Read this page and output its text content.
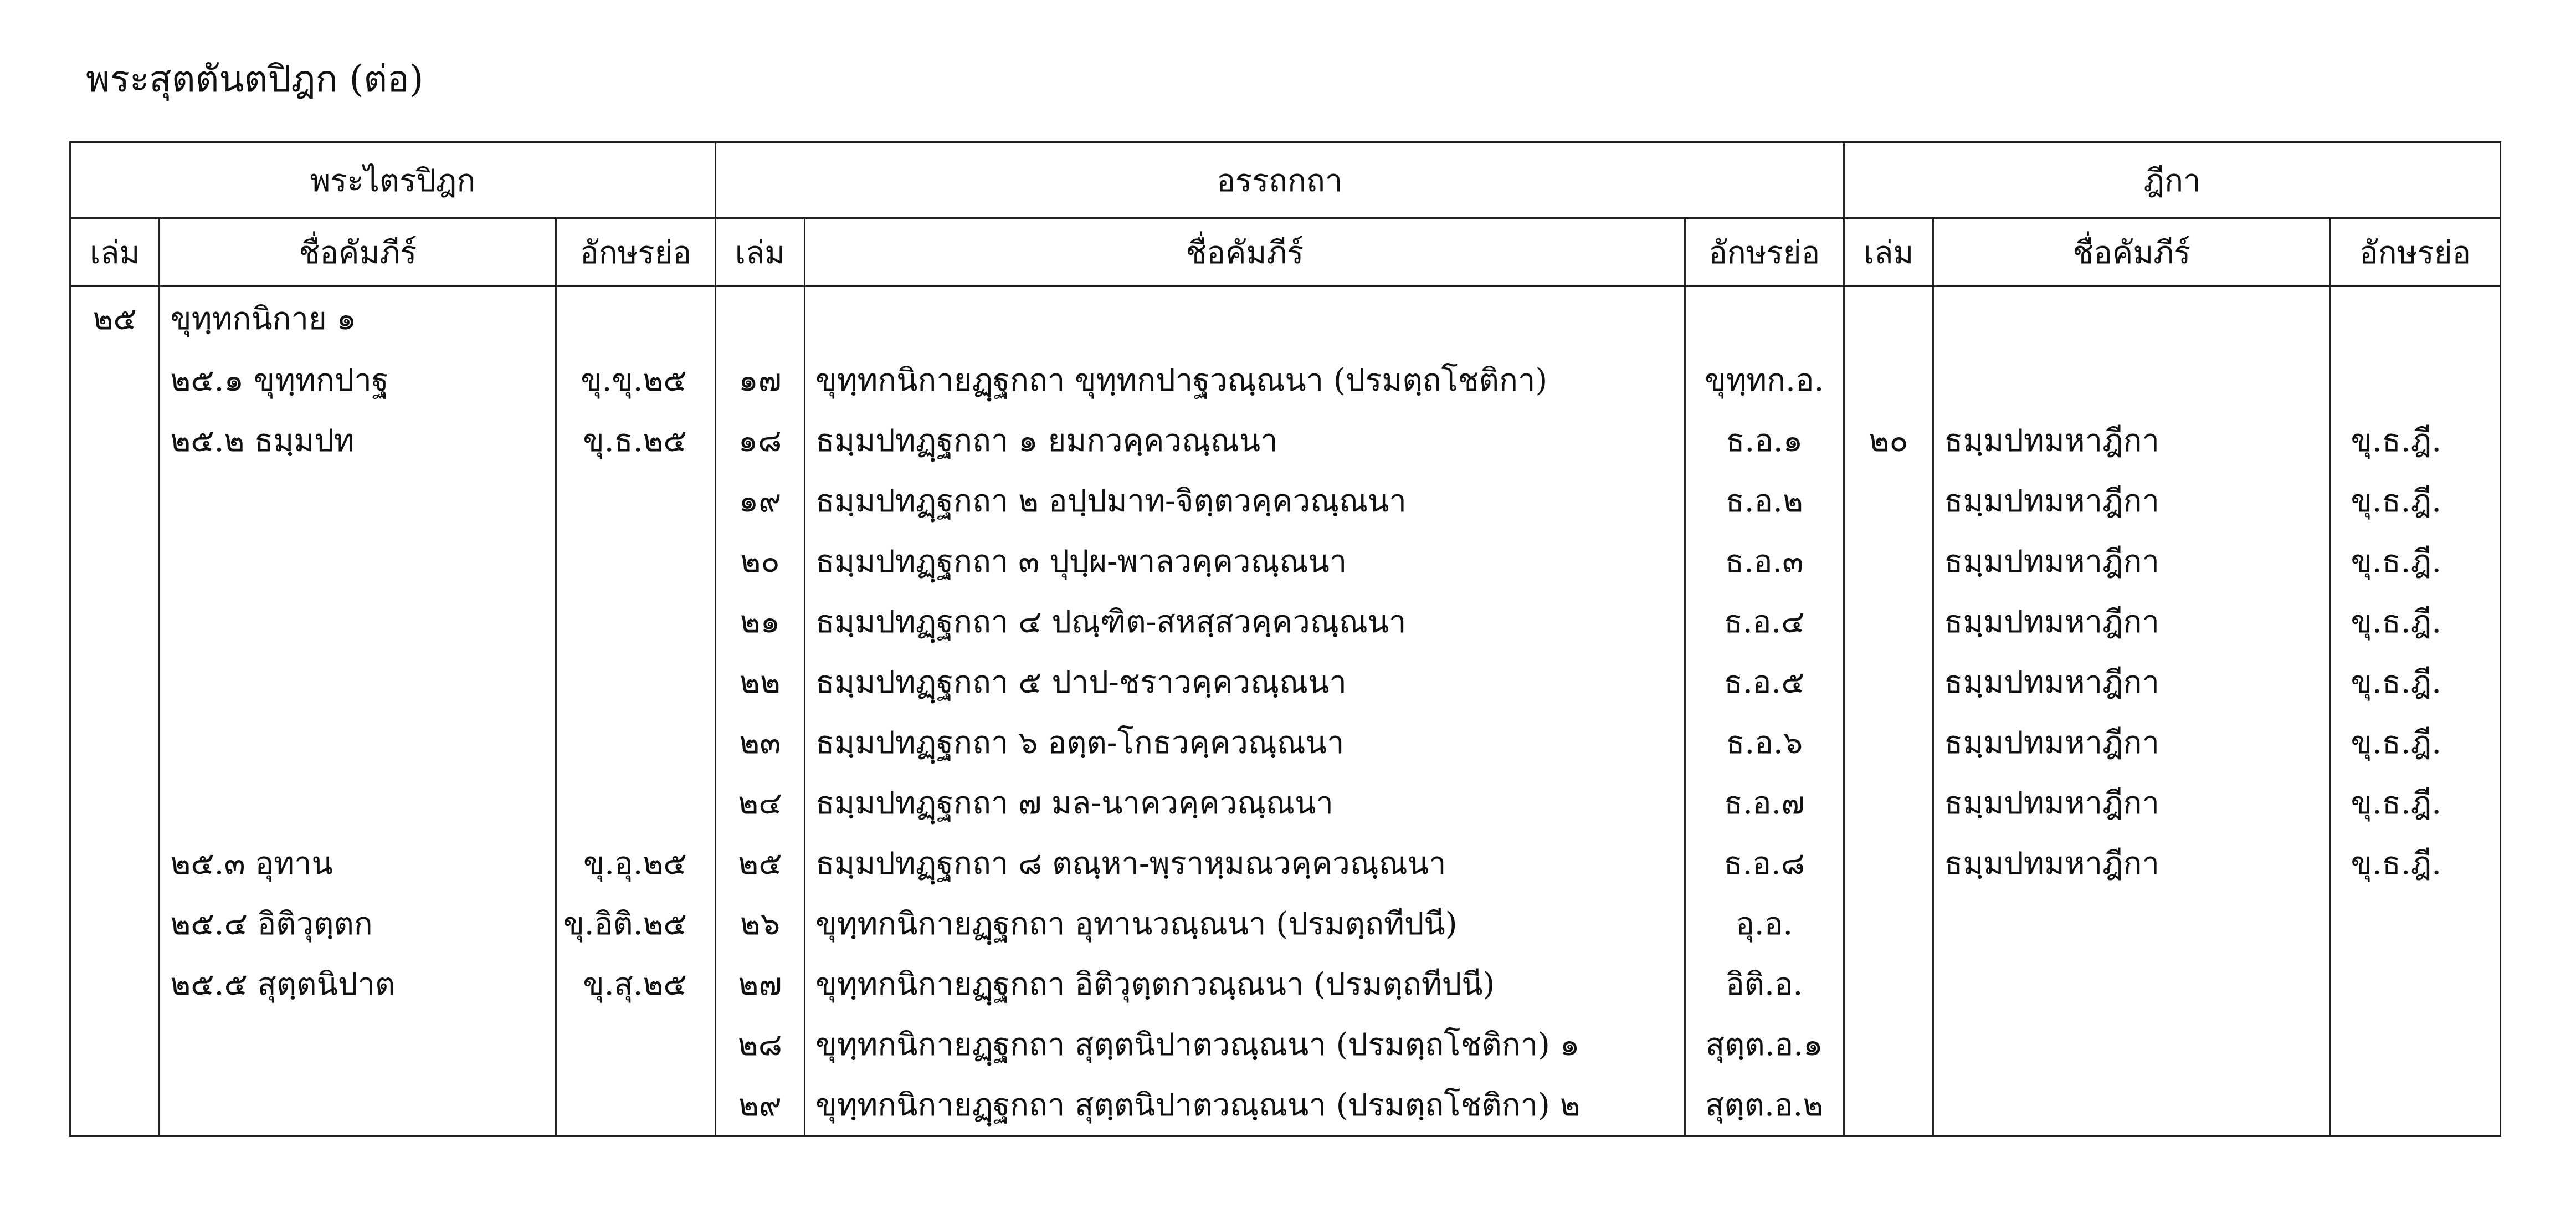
พระสุตตันตปิฎก (ต่อ)
พระไตรปิฎก			อรรถกถา			ฎีกา		
เล่ม	ชื่อคัมภีร์	อักษรย่อ	เล่ม	ชื่อคัมภีร์	อักษรย่อ	เล่ม	ชื่อคัมภีร์	อักษรย่อ
๒๕	ขุทฺทกนิกาย ๑							
	๒๕.๑ ขุทฺทกปาฐ	ขุ.ขุ.๒๕	๑๗	ขุทฺทกนิกายฏฺฐกถา ขุทฺทกปาฐวณฺณนา (ปรมตฺถโชติกา)	ขุทฺทก.อ.			
	๒๕.๒ ธมฺมปท	ขุ.ธ.๒๕	๑๘	ธมฺมปทฏฺฐกถา ๑ ยมกวคฺควณฺณนา	ธ.อ.๑	๒๐	ธมฺมปทมหาฎีกา	ขุ.ธ.ฎี.
			๑๙	ธมฺมปทฏฺฐกถา ๒ อปฺปมาท-จิตฺตวคฺควณฺณนา	ธ.อ.๒		ธมฺมปทมหาฎีกา	ขุ.ธ.ฎี.
			๒๐	ธมฺมปทฏฺฐกถา ๓ ปุปฺผ-พาลวคฺควณฺณนา	ธ.อ.๓		ธมฺมปทมหาฎีกา	ขุ.ธ.ฎี.
			๒๑	ธมฺมปทฏฺฐกถา ๔ ปณฺฑิต-สหสฺสวคฺควณฺณนา	ธ.อ.๔		ธมฺมปทมหาฎีกา	ขุ.ธ.ฎี.
			๒๒	ธมฺมปทฏฺฐกถา ๕ ปาป-ชราวคฺควณฺณนา	ธ.อ.๕		ธมฺมปทมหาฎีกา	ขุ.ธ.ฎี.
			๒๓	ธมฺมปทฏฺฐกถา ๖ อตฺต-โกธวคฺควณฺณนา	ธ.อ.๖		ธมฺมปทมหาฎีกา	ขุ.ธ.ฎี.
			๒๔	ธมฺมปทฏฺฐกถา ๗ มล-นาควคฺควณฺณนา	ธ.อ.๗		ธมฺมปทมหาฎีกา	ขุ.ธ.ฎี.
	๒๕.๓ อุทาน	ขุ.อุ.๒๕	๒๕	ธมฺมปทฏฺฐกถา ๘ ตณฺหา-พฺราหฺมณวคฺควณฺณนา	ธ.อ.๘		ธมฺมปทมหาฎีกา	ขุ.ธ.ฎี.
	๒๕.๔ อิติวุตฺตก	ขุ.อิติ.๒๕	๒๖	ขุทฺทกนิกายฏฺฐกถา อุทานวณฺณนา (ปรมตฺถทีปนี)	อุ.อ.			
	๒๕.๕ สุตฺตนิปาต	ขุ.สุ.๒๕	๒๗	ขุทฺทกนิกายฏฺฐกถา อิติวุตฺตกวณฺณนา (ปรมตฺถทีปนี)	อิติ.อ.			
			๒๘	ขุทฺทกนิกายฏฺฐกถา สุตฺตนิปาตวณฺณนา (ปรมตฺถโชติกา) ๑	สุตฺต.อ.๑			
			๒๙	ขุทฺทกนิกายฏฺฐกถา สุตฺตนิปาตวณฺณนา (ปรมตฺถโชติกา) ๒	สุตฺต.อ.๒			
